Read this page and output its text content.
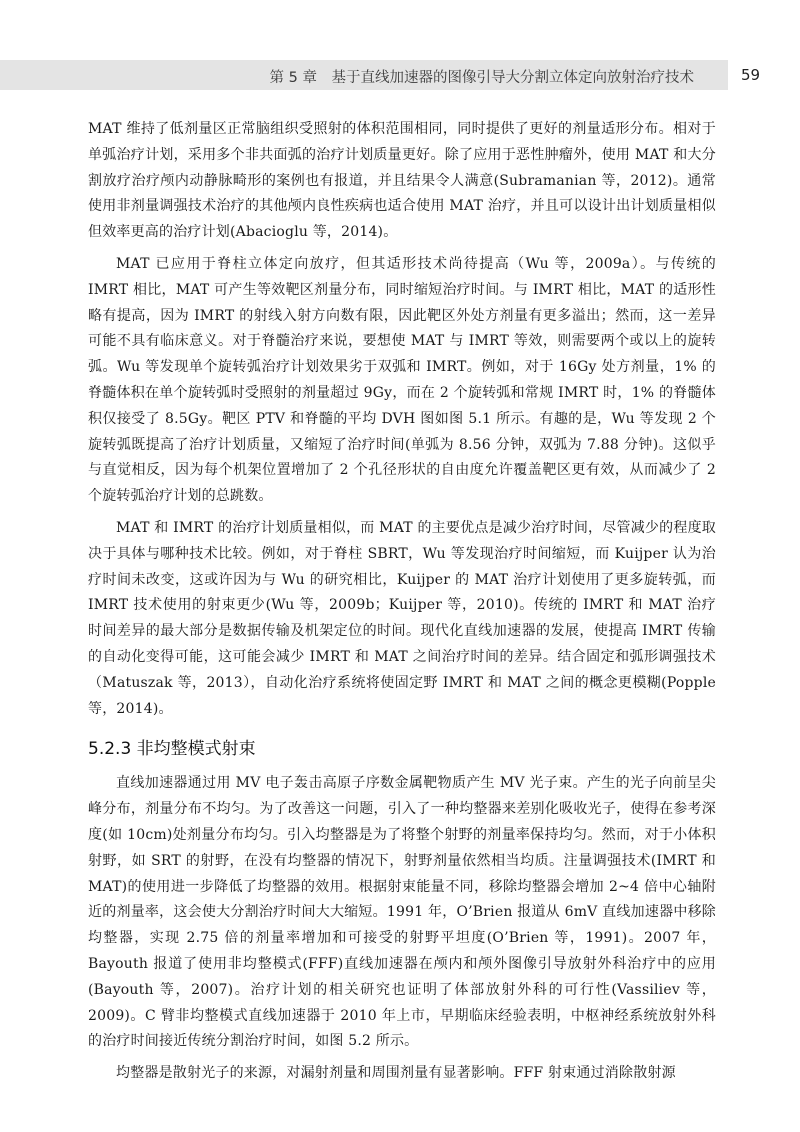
第 5 章　基于直线加速器的图像引导大分割立体定向放射治疗技术	59

MAT 维持了低剂量区正常脑组织受照射的体积范围相同，同时提供了更好的剂量适形分布。相对于单弧治疗计划，采用多个非共面弧的治疗计划质量更好。除了应用于恶性肿瘤外，使用 MAT 和大分割放疗治疗颅内动静脉畸形的案例也有报道，并且结果令人满意(Subramanian 等，2012)。通常使用非剂量调强技术治疗的其他颅内良性疾病也适合使用 MAT 治疗，并且可以设计出计划质量相似但效率更高的治疗计划(Abacioglu 等，2014)。

MAT 已应用于脊柱立体定向放疗，但其适形技术尚待提高（Wu 等，2009a）。与传统的 IMRT 相比，MAT 可产生等效靶区剂量分布，同时缩短治疗时间。与 IMRT 相比，MAT 的适形性略有提高，因为 IMRT 的射线入射方向数有限，因此靶区外处方剂量有更多溢出；然而，这一差异可能不具有临床意义。对于脊髓治疗来说，要想使 MAT 与 IMRT 等效，则需要两个或以上的旋转弧。Wu 等发现单个旋转弧治疗计划效果劣于双弧和 IMRT。例如，对于 16Gy 处方剂量，1% 的脊髓体积在单个旋转弧时受照射的剂量超过 9Gy，而在 2 个旋转弧和常规 IMRT 时，1% 的脊髓体积仅接受了 8.5Gy。靶区 PTV 和脊髓的平均 DVH 图如图 5.1 所示。有趣的是，Wu 等发现 2 个旋转弧既提高了治疗计划质量，又缩短了治疗时间(单弧为 8.56 分钟，双弧为 7.88 分钟)。这似乎与直觉相反，因为每个机架位置增加了 2 个孔径形状的自由度允许覆盖靶区更有效，从而减少了 2 个旋转弧治疗计划的总跳数。

MAT 和 IMRT 的治疗计划质量相似，而 MAT 的主要优点是减少治疗时间，尽管减少的程度取决于具体与哪种技术比较。例如，对于脊柱 SBRT，Wu 等发现治疗时间缩短，而 Kuijper 认为治疗时间未改变，这或许因为与 Wu 的研究相比，Kuijper 的 MAT 治疗计划使用了更多旋转弧，而 IMRT 技术使用的射束更少(Wu 等，2009b；Kuijper 等，2010)。传统的 IMRT 和 MAT 治疗时间差异的最大部分是数据传输及机架定位的时间。现代化直线加速器的发展，使提高 IMRT 传输的自动化变得可能，这可能会减少 IMRT 和 MAT 之间治疗时间的差异。结合固定和弧形调强技术（Matuszak 等，2013），自动化治疗系统将使固定野 IMRT 和 MAT 之间的概念更模糊(Popple 等，2014)。

5.2.3 非均整模式射束

直线加速器通过用 MV 电子轰击高原子序数金属靶物质产生 MV 光子束。产生的光子向前呈尖峰分布，剂量分布不均匀。为了改善这一问题，引入了一种均整器来差别化吸收光子，使得在参考深度(如 10cm)处剂量分布均匀。引入均整器是为了将整个射野的剂量率保持均匀。然而，对于小体积射野，如 SRT 的射野，在没有均整器的情况下，射野剂量依然相当均质。注量调强技术(IMRT 和 MAT)的使用进一步降低了均整器的效用。根据射束能量不同，移除均整器会增加 2~4 倍中心轴附近的剂量率，这会使大分割治疗时间大大缩短。1991 年，O’Brien 报道从 6mV 直线加速器中移除均整器，实现 2.75 倍的剂量率增加和可接受的射野平坦度(O’Brien 等，1991)。2007 年，Bayouth 报道了使用非均整模式(FFF)直线加速器在颅内和颅外图像引导放射外科治疗中的应用(Bayouth 等，2007)。治疗计划的相关研究也证明了体部放射外科的可行性(Vassiliev 等，2009)。C 臂非均整模式直线加速器于 2010 年上市，早期临床经验表明，中枢神经系统放射外科的治疗时间接近传统分割治疗时间，如图 5.2 所示。

均整器是散射光子的来源，对漏射剂量和周围剂量有显著影响。FFF 射束通过消除散射源
